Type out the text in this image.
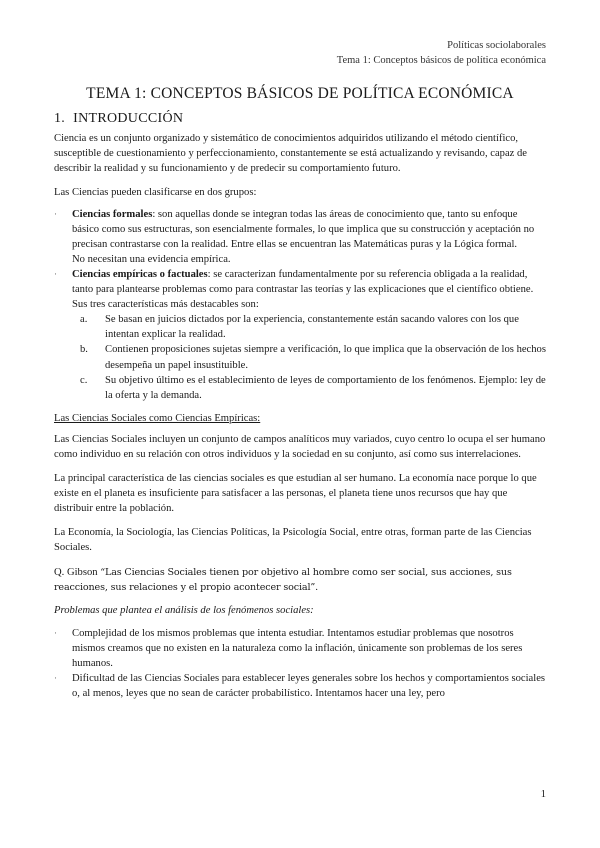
Políticas sociolaborales
Tema 1: Conceptos básicos de política económica
TEMA 1: CONCEPTOS BÁSICOS DE POLÍTICA ECONÓMICA
1. INTRODUCCIÓN

Ciencia es un conjunto organizado y sistemático de conocimientos adquiridos utilizando el método científico, susceptible de cuestionamiento y perfeccionamiento, constantemente se está actualizando y revisando, capaz de describir la realidad y su funcionamiento y de predecir su comportamiento futuro.

Las Ciencias pueden clasificarse en dos grupos:

· Ciencias formales: son aquellas donde se integran todas las áreas de conocimiento que, tanto su enfoque básico como sus estructuras, son esencialmente formales, lo que implica que su construcción y aceptación no precisan contrastarse con la realidad. Entre ellas se encuentran las Matemáticas puras y la Lógica formal.
No necesitan una evidencia empírica.
· Ciencias empíricas o factuales: se caracterizan fundamentalmente por su referencia obligada a la realidad, tanto para plantearse problemas como para contrastar las teorías y las explicaciones que el científico obtiene.
Sus tres características más destacables son:
a. Se basan en juicios dictados por la experiencia, constantemente están sacando valores con los que intentan explicar la realidad.
b. Contienen proposiciones sujetas siempre a verificación, lo que implica que la observación de los hechos desempeña un papel insustituible.
c. Su objetivo último es el establecimiento de leyes de comportamiento de los fenómenos. Ejemplo: ley de la oferta y la demanda.

Las Ciencias Sociales como Ciencias Empíricas:

Las Ciencias Sociales incluyen un conjunto de campos analíticos muy variados, cuyo centro lo ocupa el ser humano como individuo en su relación con otros individuos y la sociedad en su conjunto, así como sus interrelaciones.

La principal característica de las ciencias sociales es que estudian al ser humano. La economía nace porque lo que existe en el planeta es insuficiente para satisfacer a las personas, el planeta tiene unos recursos que hay que distribuir entre la población.

La Economía, la Sociología, las Ciencias Políticas, la Psicología Social, entre otras, forman parte de las Ciencias Sociales.

Q. Gibson “Las Ciencias Sociales tienen por objetivo al hombre como ser social, sus acciones, sus reacciones, sus relaciones y el propio acontecer social”.

Problemas que plantea el análisis de los fenómenos sociales:

· Complejidad de los mismos problemas que intenta estudiar. Intentamos estudiar problemas que nosotros mismos creamos que no existen en la naturaleza como la inflación, únicamente son problemas de los seres humanos.
· Dificultad de las Ciencias Sociales para establecer leyes generales sobre los hechos y comportamientos sociales o, al menos, leyes que no sean de carácter probabilístico. Intentamos hacer una ley, pero
1
